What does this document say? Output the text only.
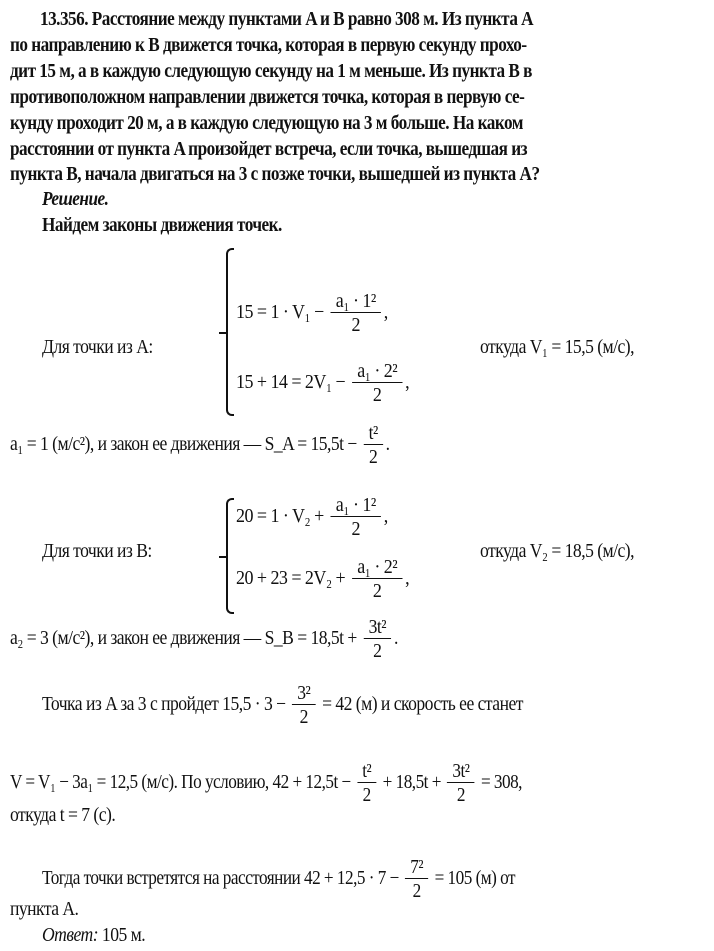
13.356. Расстояние между пунктами A и B равно 308 м. Из пункта A
по направлению к B движется точка, которая в первую секунду прохо-
дит 15 м, а в каждую следующую секунду на 1 м меньше. Из пункта B в
противоположном направлении движется точка, которая в первую се-
кунду проходит 20 м, а в каждую следующую на 3 м больше. На каком
расстоянии от пункта A произойдет встреча, если точка, вышедшая из
пункта B, начала двигаться на 3 с позже точки, вышедшей из пункта A?
Решение.
Найдем законы движения точек.
$15 = 1 \cdot V_1 - \frac{\text{a₁ · 1²}}{2}$ ,
Для точки из A:	откуда V₁ = 15,5 (м/с),
$15 + 14 = 2V_1 - \frac{\text{a₁ · 2²}}{2}$ ,
a₁ = 1 (м/с²), и закон ее движения — S_A = $15,5t - \frac{\text{t²}}{2}$ .
$20 = 1 \cdot V_2 + \frac{\text{a₁ · 1²}}{2}$ ,
Для точки из B:	откуда V₂ = 18,5 (м/с),
$20 + 23 = 2V_2 + \frac{\text{a₁ · 2²}}{2}$ ,
a₂ = 3 (м/с²), и закон ее движения — S_B = $18,5t + \frac{\text{3t²}}{2}$ .
Точка из A за 3 с пройдет $15,5 \cdot 3 - \frac{\text{3²}}{2} = 42$ (м) и скорость ее станет
V = V₁ − 3a₁ = 12,5 (м/с). По условию, $42 + 12,5t - \frac{\text{t²}}{2} + 18,5t + \frac{\text{3t²}}{2} = 308$,
откуда t = 7 (с).
Тогда точки встретятся на расстоянии $42 + 12,5 \cdot 7 - \frac{\text{7²}}{2} = 105$ (м) от
пункта A.
Ответ: 105 м.
